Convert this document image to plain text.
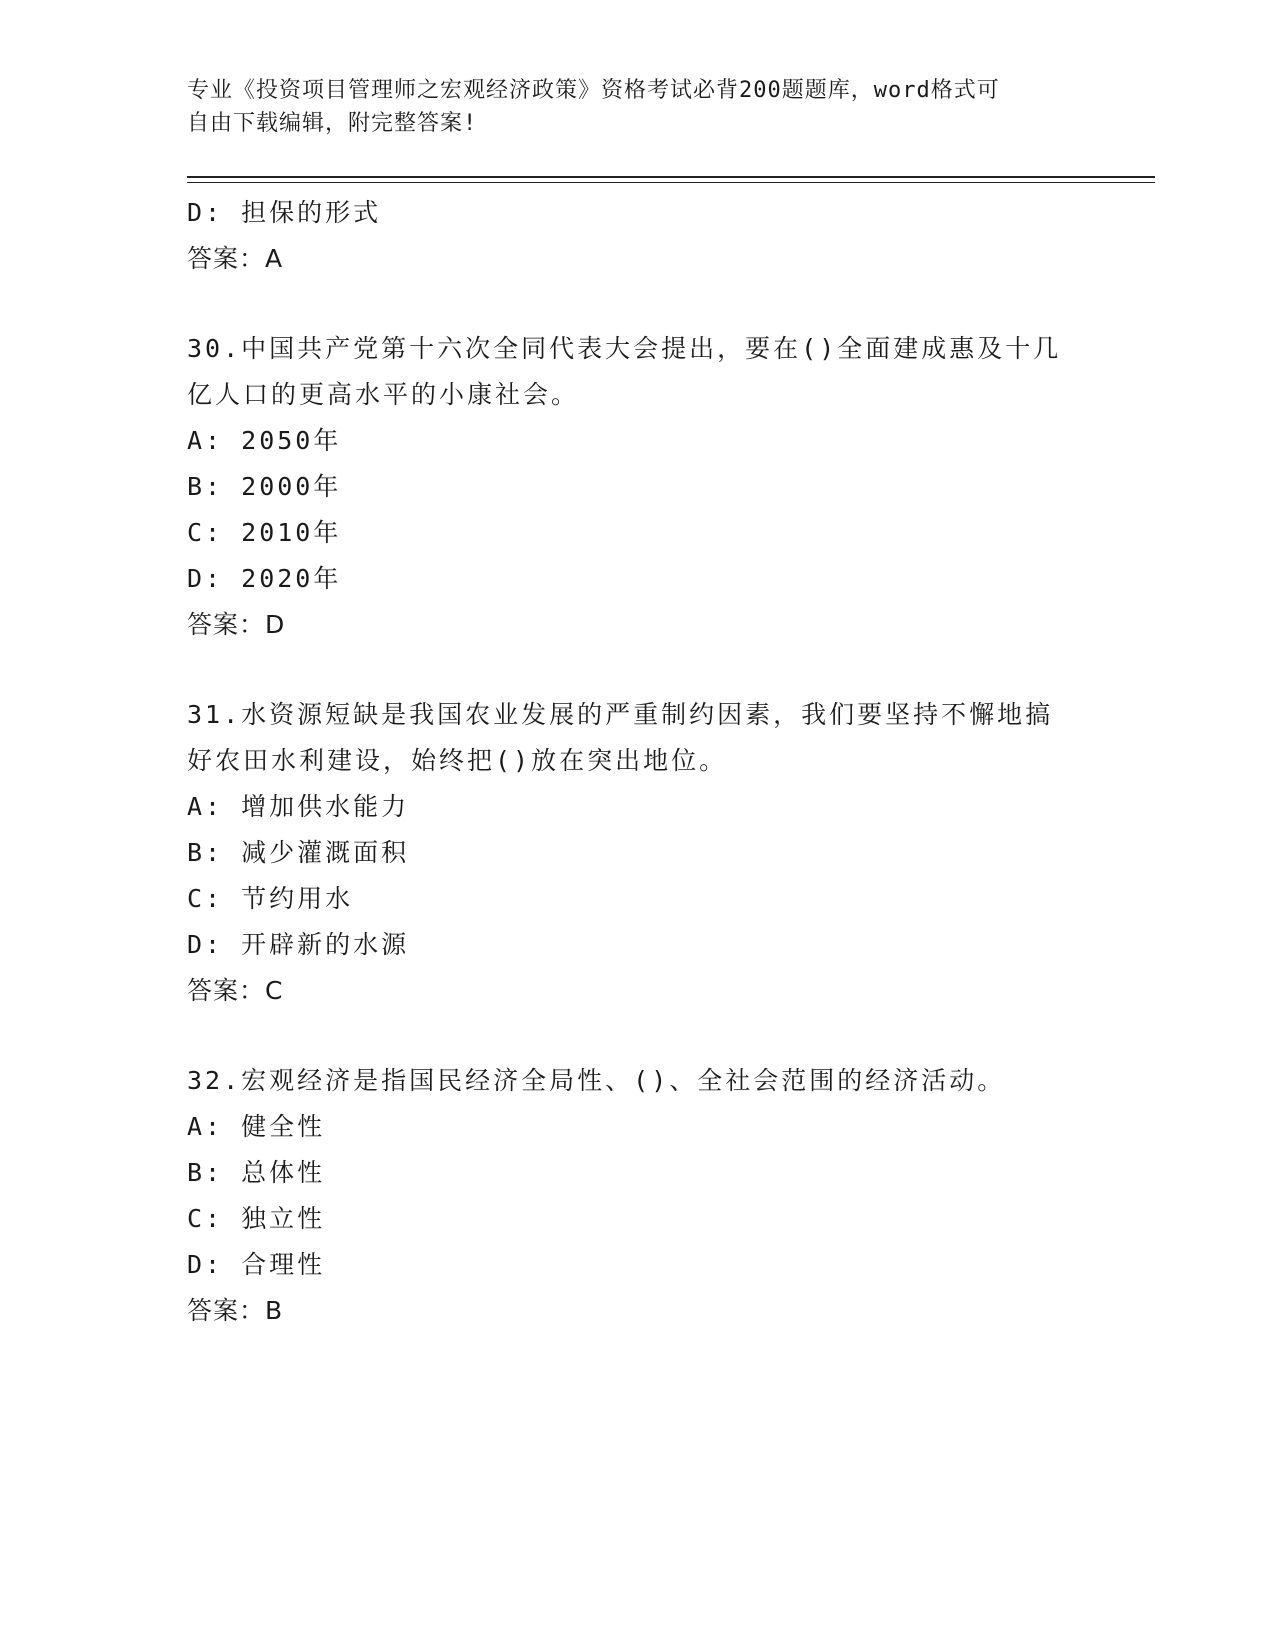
专业《投资项目管理师之宏观经济政策》资格考试必背200题题库，word格式可
自由下载编辑，附完整答案!
D: 担保的形式
答案：A
30.中国共产党第十六次全同代表大会提出，要在()全面建成惠及十几
亿人口的更高水平的小康社会。
A: 2050年
B: 2000年
C: 2010年
D: 2020年
答案：D
31.水资源短缺是我国农业发展的严重制约因素，我们要坚持不懈地搞
好农田水利建设，始终把()放在突出地位。
A: 增加供水能力
B: 减少灌溉面积
C: 节约用水
D: 开辟新的水源
答案：C
32.宏观经济是指国民经济全局性、()、全社会范围的经济活动。
A: 健全性
B: 总体性
C: 独立性
D: 合理性
答案：B
